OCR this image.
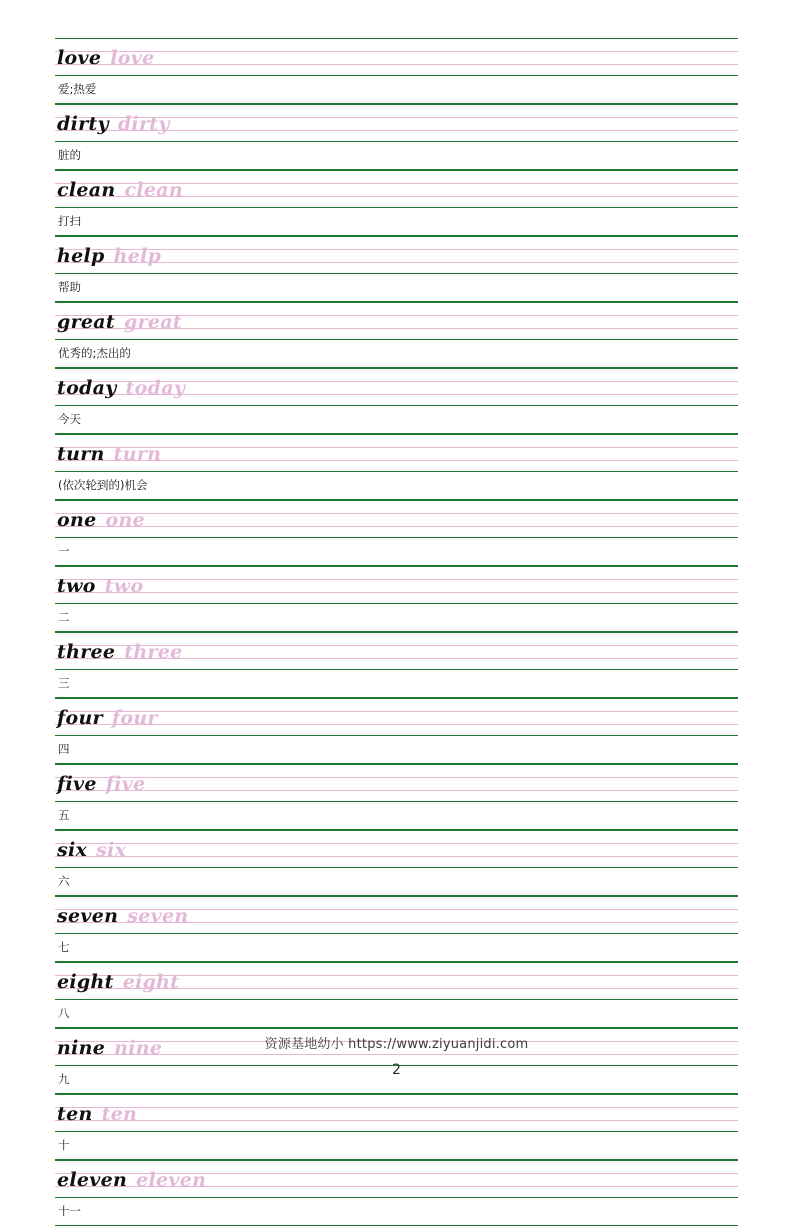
love love
爱;热爱
dirty dirty
脏的
clean clean
打扫
help help
帮助
great great
优秀的;杰出的
today today
今天
turn turn
(依次轮到的)机会
one one
一
two two
二
three three
三
four four
四
five five
五
six six
六
seven seven
七
eight eight
八
nine nine
九
ten ten
十
eleven eleven
十一
资源基地幼小 https://www.ziyuanjidi.com
2
